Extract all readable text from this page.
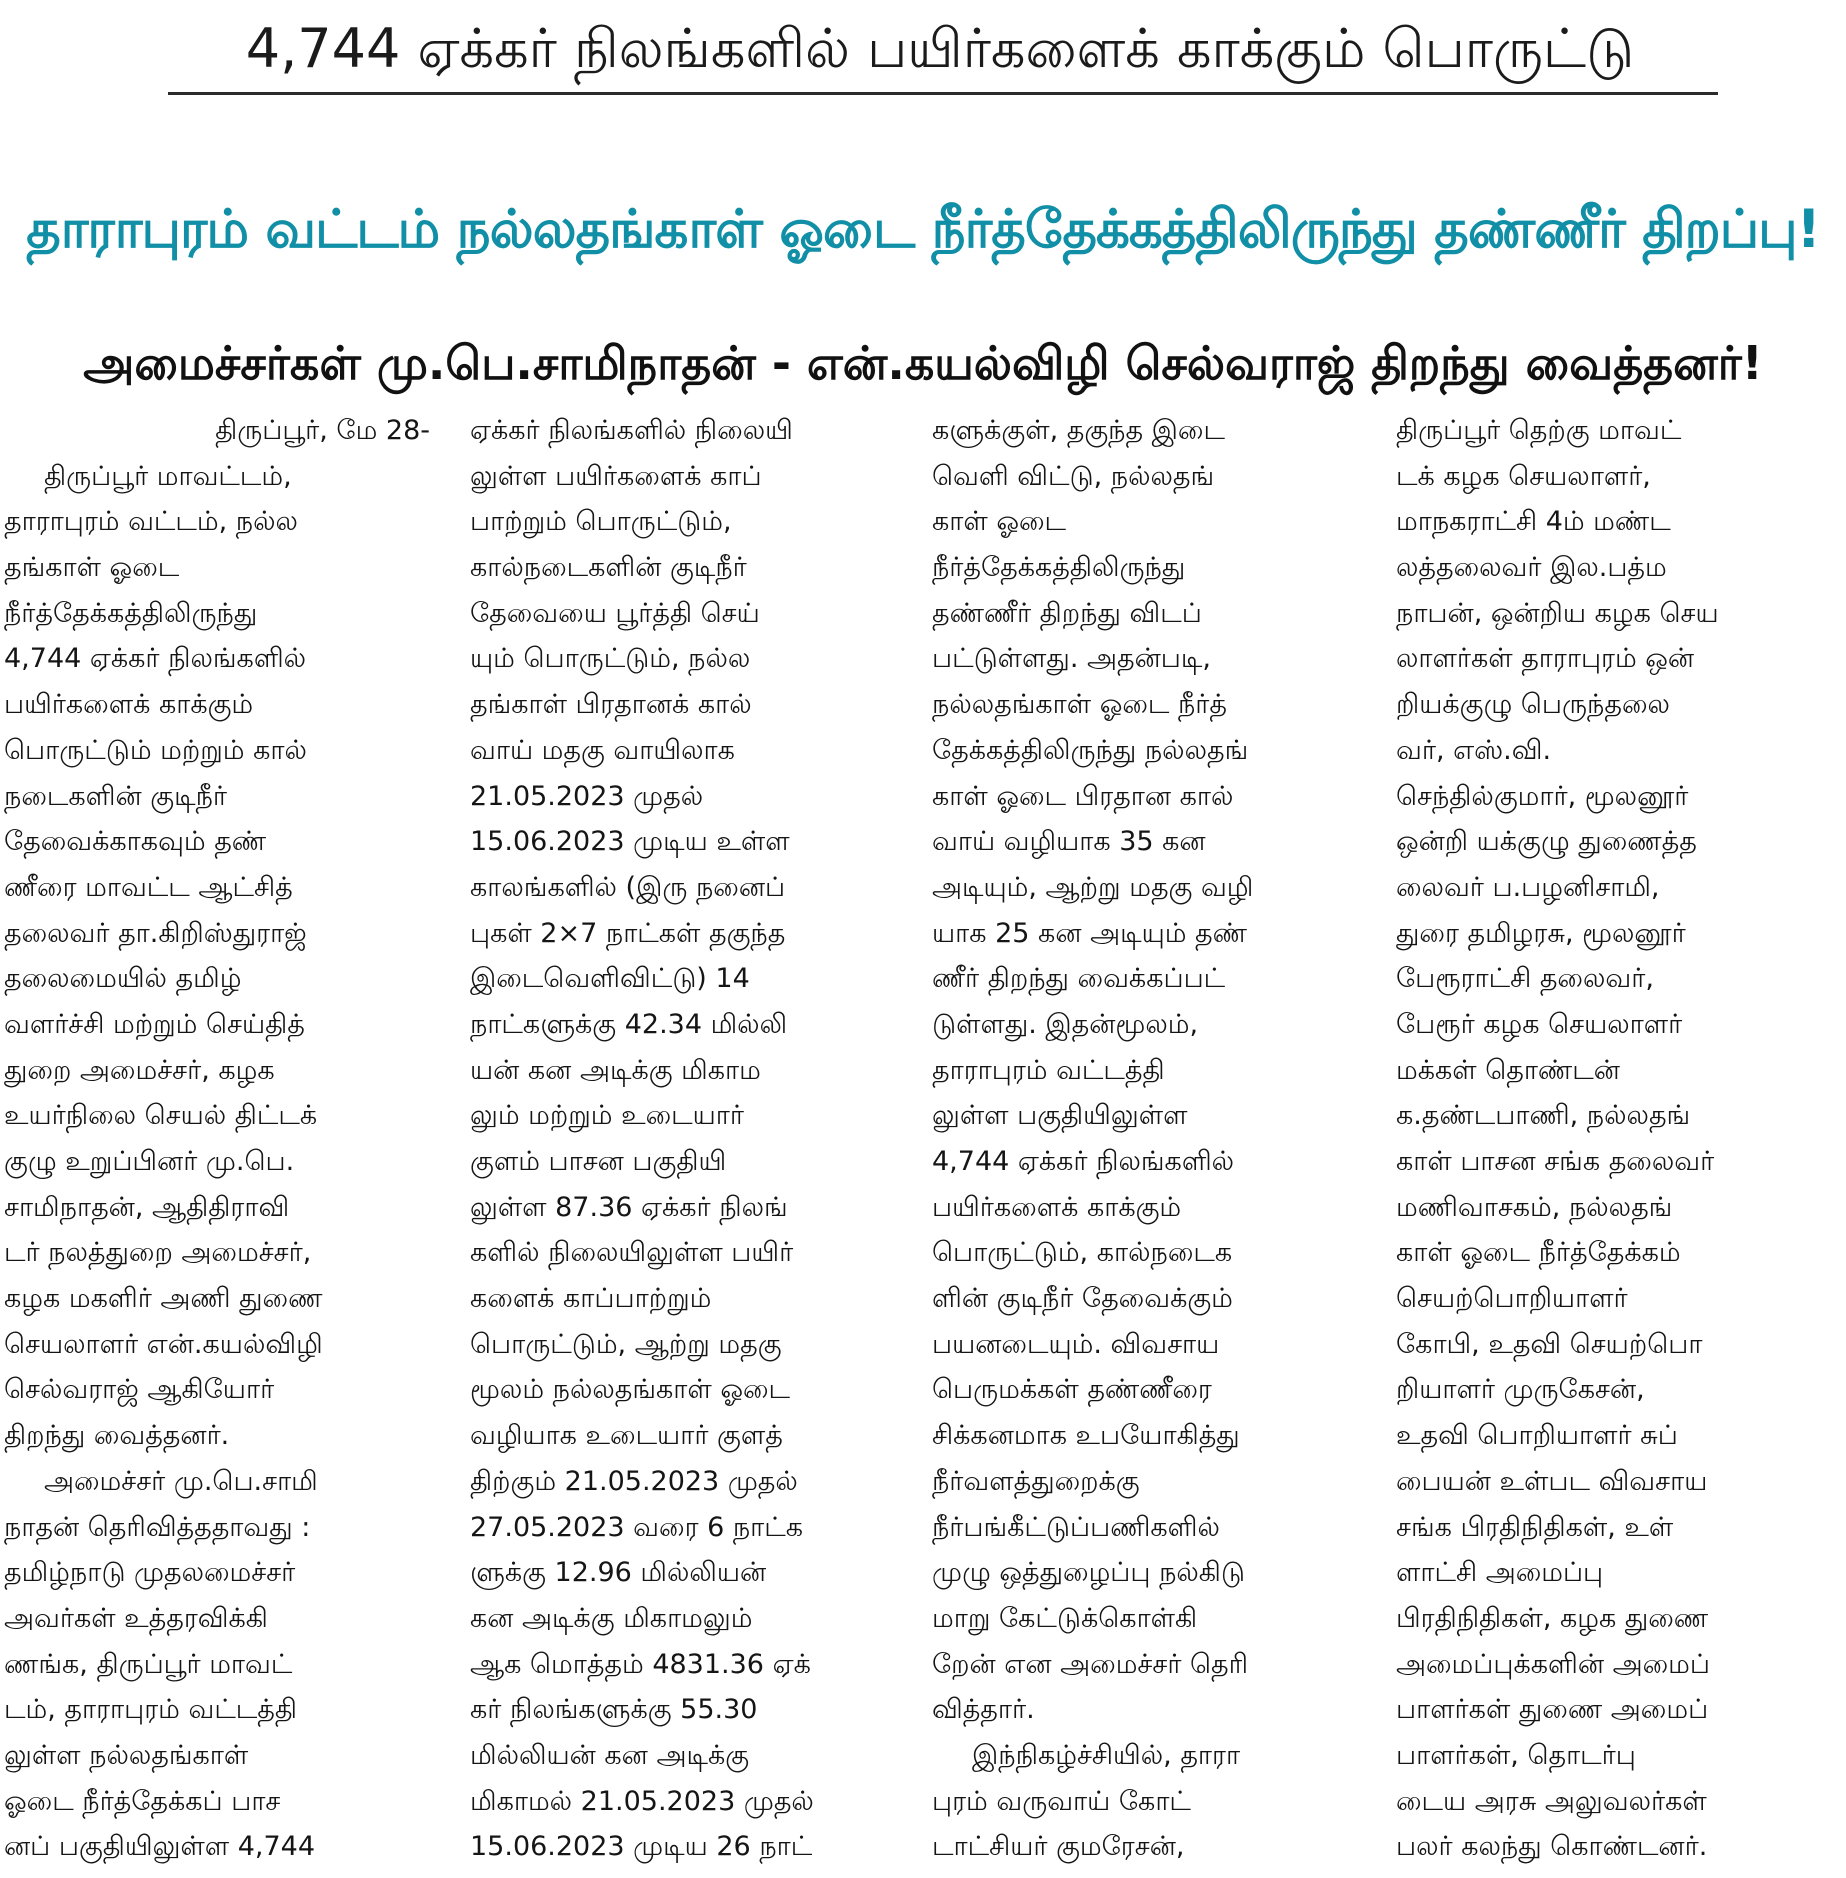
4,744 ஏக்கர் நிலங்களில் பயிர்களைக் காக்கும் பொருட்டு
தாராபுரம் வட்டம் நல்லதங்காள் ஓடை நீர்த்தேக்கத்திலிருந்து தண்ணீர் திறப்பு!
அமைச்சர்கள் மு.பெ.சாமிநாதன் - என்.கயல்விழி செல்வராஜ் திறந்து வைத்தனர்!
திருப்பூர், மே 28-
திருப்பூர் மாவட்டம்,
தாராபுரம் வட்டம், நல்ல
தங்காள் ஓடை
நீர்த்தேக்கத்திலிருந்து
4,744 ஏக்கர் நிலங்களில்
பயிர்களைக் காக்கும்
பொருட்டும் மற்றும் கால்
நடைகளின் குடிநீர்
தேவைக்காகவும் தண்
ணீரை மாவட்ட ஆட்சித்
தலைவர் தா.கிறிஸ்துராஜ்
தலைமையில் தமிழ்
வளர்ச்சி மற்றும் செய்தித்
துறை அமைச்சர், கழக
உயர்நிலை செயல் திட்டக்
குழு உறுப்பினர் மு.பெ.
சாமிநாதன், ஆதிதிராவி
டர் நலத்துறை அமைச்சர்,
கழக மகளிர் அணி துணை
செயலாளர் என்.கயல்விழி
செல்வராஜ் ஆகியோர்
திறந்து வைத்தனர்.
அமைச்சர் மு.பெ.சாமி
நாதன் தெரிவித்ததாவது :
தமிழ்நாடு முதலமைச்சர்
அவர்கள் உத்தரவிக்கி
ணங்க, திருப்பூர் மாவட்
டம், தாராபுரம் வட்டத்தி
லுள்ள நல்லதங்காள்
ஓடை நீர்த்தேக்கப் பாச
னப் பகுதியிலுள்ள 4,744
ஏக்கர் நிலங்களில் நிலையி
லுள்ள பயிர்களைக் காப்
பாற்றும் பொருட்டும்,
கால்நடைகளின் குடிநீர்
தேவையை பூர்த்தி செய்
யும் பொருட்டும், நல்ல
தங்காள் பிரதானக் கால்
வாய் மதகு வாயிலாக
21.05.2023 முதல்
15.06.2023 முடிய உள்ள
காலங்களில் (இரு நனைப்
புகள் 2×7 நாட்கள் தகுந்த
இடைவெளிவிட்டு) 14
நாட்களுக்கு 42.34 மில்லி
யன் கன அடிக்கு மிகாம
லும் மற்றும் உடையார்
குளம் பாசன பகுதியி
லுள்ள 87.36 ஏக்கர் நிலங்
களில் நிலையிலுள்ள பயிர்
களைக் காப்பாற்றும்
பொருட்டும், ஆற்று மதகு
மூலம் நல்லதங்காள் ஓடை
வழியாக உடையார் குளத்
திற்கும் 21.05.2023 முதல்
27.05.2023 வரை 6 நாட்க
ளுக்கு 12.96 மில்லியன்
கன அடிக்கு மிகாமலும்
ஆக மொத்தம் 4831.36 ஏக்
கர் நிலங்களுக்கு 55.30
மில்லியன் கன அடிக்கு
மிகாமல் 21.05.2023 முதல்
15.06.2023 முடிய 26 நாட்
களுக்குள், தகுந்த இடை
வெளி விட்டு, நல்லதங்
காள் ஓடை
நீர்த்தேக்கத்திலிருந்து
தண்ணீர் திறந்து விடப்
பட்டுள்ளது. அதன்படி,
நல்லதங்காள் ஓடை நீர்த்
தேக்கத்திலிருந்து நல்லதங்
காள் ஓடை பிரதான கால்
வாய் வழியாக 35 கன
அடியும், ஆற்று மதகு வழி
யாக 25 கன அடியும் தண்
ணீர் திறந்து வைக்கப்பட்
டுள்ளது. இதன்மூலம்,
தாராபுரம் வட்டத்தி
லுள்ள பகுதியிலுள்ள
4,744 ஏக்கர் நிலங்களில்
பயிர்களைக் காக்கும்
பொருட்டும், கால்நடைக
ளின் குடிநீர் தேவைக்கும்
பயனடையும். விவசாய
பெருமக்கள் தண்ணீரை
சிக்கனமாக உபயோகித்து
நீர்வளத்துறைக்கு
நீர்பங்கீட்டுப்பணிகளில்
முழு ஒத்துழைப்பு நல்கிடு
மாறு கேட்டுக்கொள்கி
றேன் என அமைச்சர் தெரி
வித்தார்.
இந்நிகழ்ச்சியில், தாரா
புரம் வருவாய் கோட்
டாட்சியர் குமரேசன்,
திருப்பூர் தெற்கு மாவட்
டக் கழக செயலாளர்,
மாநகராட்சி 4ம் மண்ட
லத்தலைவர் இல.பத்ம
நாபன், ஒன்றிய கழக செய
லாளர்கள் தாராபுரம் ஒன்
றியக்குழு பெருந்தலை
வர், எஸ்.வி.
செந்தில்குமார், மூலனூர்
ஒன்றி யக்குழு துணைத்த
லைவர் ப.பழனிசாமி,
துரை தமிழரசு, மூலனூர்
பேரூராட்சி தலைவர்,
பேரூர் கழக செயலாளர்
மக்கள் தொண்டன்
க.தண்டபாணி, நல்லதங்
காள் பாசன சங்க தலைவர்
மணிவாசகம், நல்லதங்
காள் ஓடை நீர்த்தேக்கம்
செயற்பொறியாளர்
கோபி, உதவி செயற்பொ
றியாளர் முருகேசன்,
உதவி பொறியாளர் சுப்
பையன் உள்பட விவசாய
சங்க பிரதிநிதிகள், உள்
ளாட்சி அமைப்பு
பிரதிநிதிகள், கழக துணை
அமைப்புக்களின் அமைப்
பாளர்கள் துணை அமைப்
பாளர்கள், தொடர்பு
டைய அரசு அலுவலர்கள்
பலர் கலந்து கொண்டனர்.
